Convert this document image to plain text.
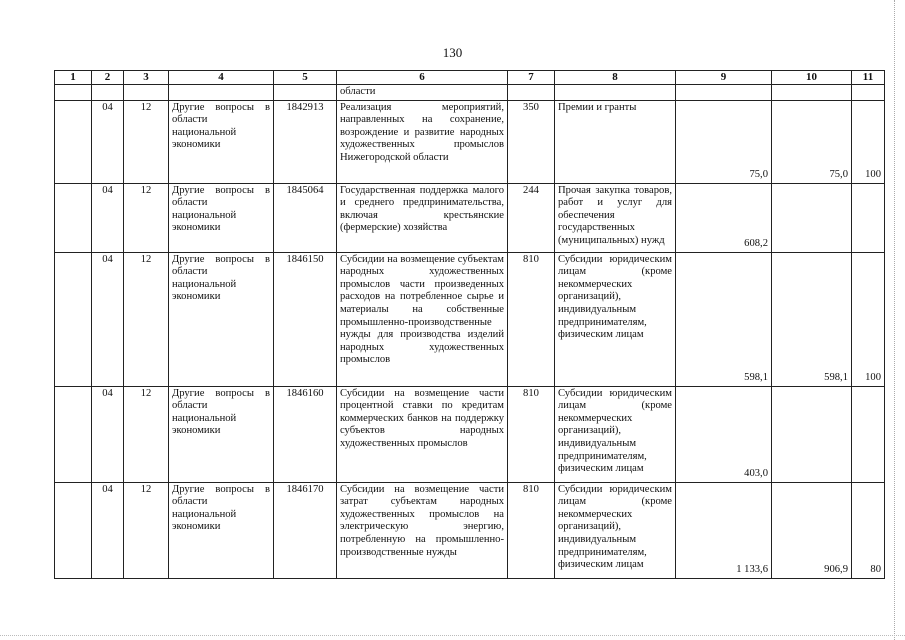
130
1	2	3	4	5	6	7	8	9	10	11
					области					
	04	12	Другие вопросы в области национальной экономики	1842913	Реализация мероприятий, направленных на сохранение, возрождение и развитие народных художественных промыслов Нижегородской области	350	Премии и гранты	75,0	75,0	100
	04	12	Другие вопросы в области национальной экономики	1845064	Государственная поддержка малого и среднего предпринимательства, включая крестьянские (фермерские) хозяйства	244	Прочая закупка товаров, работ и услуг для обеспечения государственных (муниципальных) нужд	608,2		
	04	12	Другие вопросы в области национальной экономики	1846150	Субсидии на возмещение субъектам народных художественных промыслов части произведенных расходов на потребленное сырье и материалы на собственные промышленно-производственные нужды для производства изделий народных художественных промыслов	810	Субсидии юридическим лицам (кроме некоммерческих организаций), индивидуальным предпринимателям, физическим лицам	598,1	598,1	100
	04	12	Другие вопросы в области национальной экономики	1846160	Субсидии на возмещение части процентной ставки по кредитам коммерческих банков на поддержку субъектов народных художественных промыслов	810	Субсидии юридическим лицам (кроме некоммерческих организаций), индивидуальным предпринимателям, физическим лицам	403,0		
	04	12	Другие вопросы в области национальной экономики	1846170	Субсидии на возмещение части затрат субъектам народных художественных промыслов на электрическую энергию, потребленную на промышленно-производственные нужды	810	Субсидии юридическим лицам (кроме некоммерческих организаций), индивидуальным предпринимателям, физическим лицам	1 133,6	906,9	80
